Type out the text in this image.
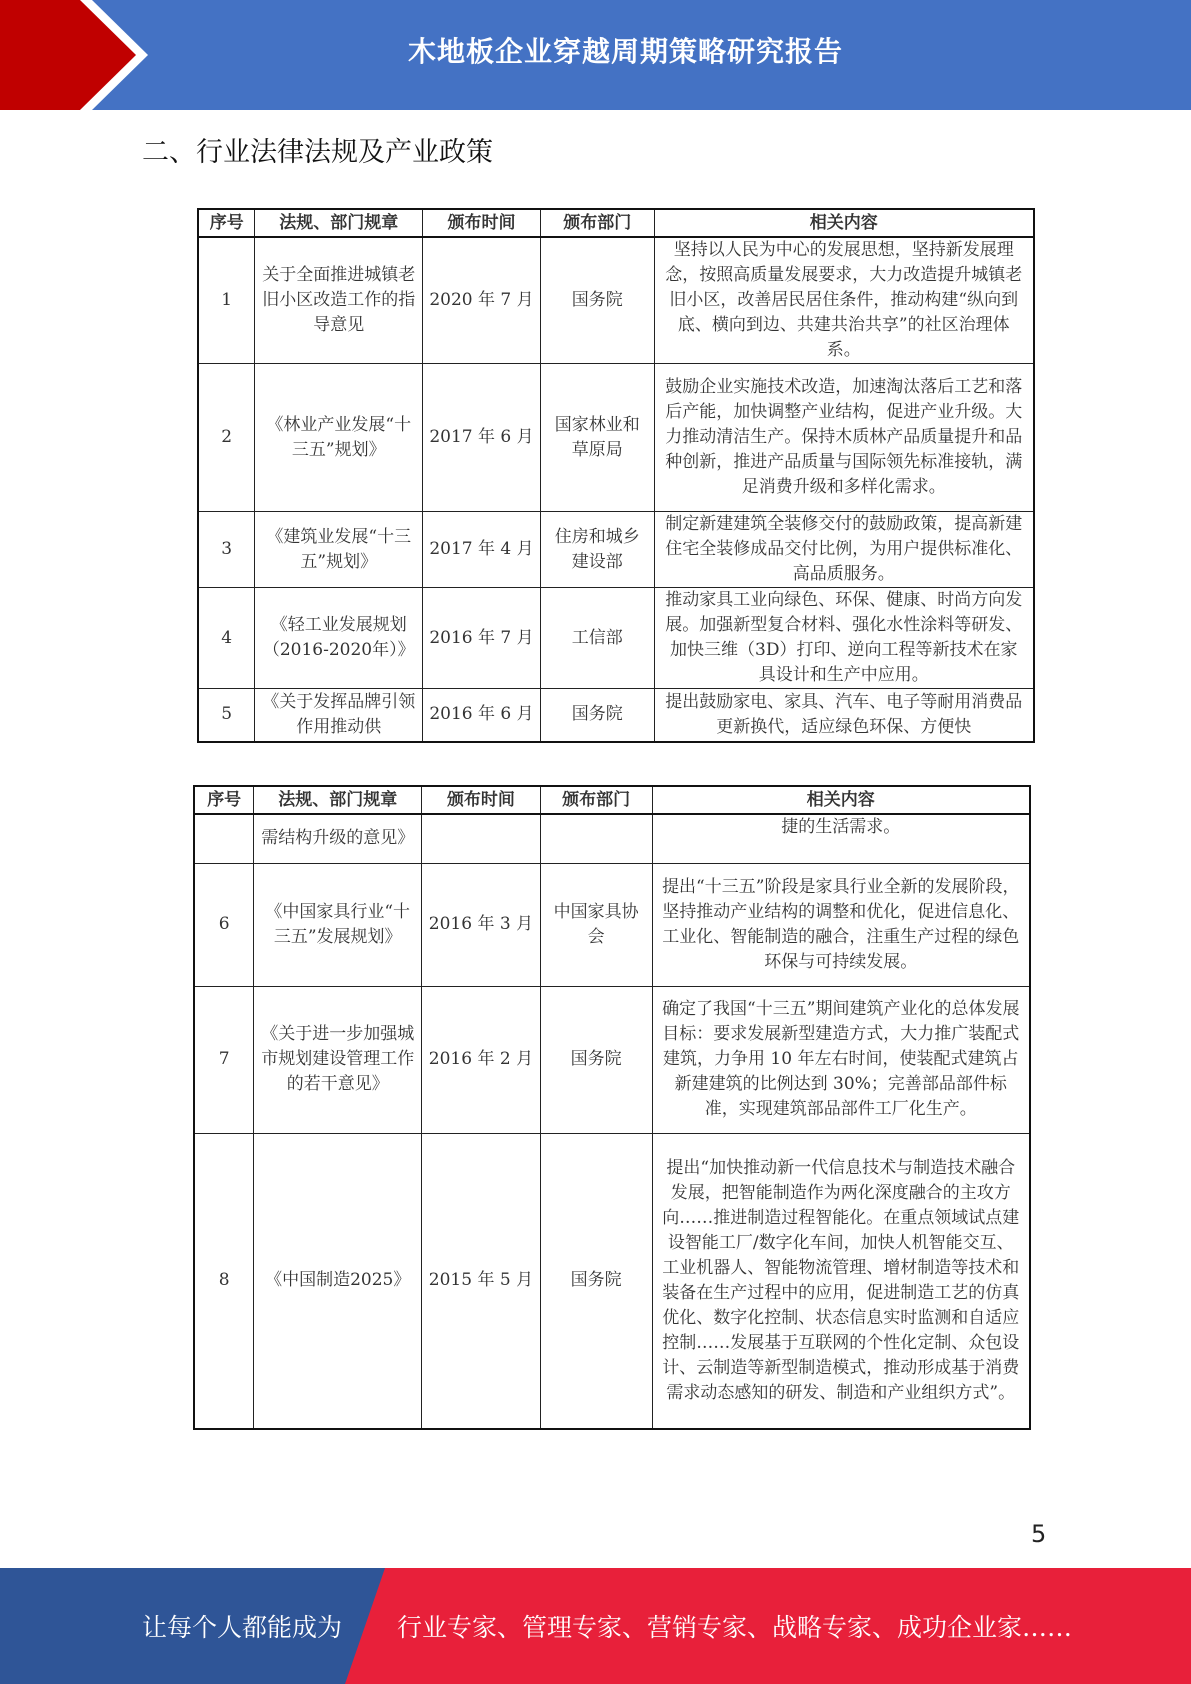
木地板企业穿越周期策略研究报告
二、行业法律法规及产业政策
序号	法规、部门规章	颁布时间	颁布部门	相关内容
1	关于全面推进城镇老旧小区改造工作的指导意见	2020 年 7 月	国务院	坚持以人民为中心的发展思想，坚持新发展理念，按照高质量发展要求，大力改造提升城镇老旧小区，改善居民居住条件，推动构建“纵向到底、横向到边、共建共治共享”的社区治理体系。
2	《林业产业发展“十三五”规划》	2017 年 6 月	国家林业和草原局	鼓励企业实施技术改造，加速淘汰落后工艺和落后产能，加快调整产业结构，促进产业升级。大力推动清洁生产。保持木质林产品质量提升和品种创新，推进产品质量与国际领先标准接轨，满足消费升级和多样化需求。
3	《建筑业发展“十三五”规划》	2017 年 4 月	住房和城乡建设部	制定新建建筑全装修交付的鼓励政策，提高新建住宅全装修成品交付比例，为用户提供标准化、高品质服务。
4	《轻工业发展规划（2016-2020年）》	2016 年 7 月	工信部	推动家具工业向绿色、环保、健康、时尚方向发展。加强新型复合材料、强化水性涂料等研发、加快三维（3D）打印、逆向工程等新技术在家具设计和生产中应用。
5	《关于发挥品牌引领作用推动供	2016 年 6 月	国务院	提出鼓励家电、家具、汽车、电子等耐用消费品更新换代，适应绿色环保、方便快
序号	法规、部门规章	颁布时间	颁布部门	相关内容
	需结构升级的意见》			捷的生活需求。
6	《中国家具行业“十三五”发展规划》	2016 年 3 月	中国家具协会	提出“十三五”阶段是家具行业全新的发展阶段，坚持推动产业结构的调整和优化，促进信息化、工业化、智能制造的融合，注重生产过程的绿色环保与可持续发展。
7	《关于进一步加强城市规划建设管理工作的若干意见》	2016 年 2 月	国务院	确定了我国“十三五”期间建筑产业化的总体发展目标：要求发展新型建造方式，大力推广装配式建筑，力争用 10 年左右时间，使装配式建筑占新建建筑的比例达到 30%；完善部品部件标准，实现建筑部品部件工厂化生产。
8	《中国制造2025》	2015 年 5 月	国务院	提出“加快推动新一代信息技术与制造技术融合发展，把智能制造作为两化深度融合的主攻方向……推进制造过程智能化。在重点领域试点建设智能工厂/数字化车间，加快人机智能交互、工业机器人、智能物流管理、增材制造等技术和装备在生产过程中的应用，促进制造工艺的仿真优化、数字化控制、状态信息实时监测和自适应控制……发展基于互联网的个性化定制、众包设计、云制造等新型制造模式，推动形成基于消费需求动态感知的研发、制造和产业组织方式”。
5
让每个人都能成为 行业专家、管理专家、营销专家、战略专家、成功企业家……
